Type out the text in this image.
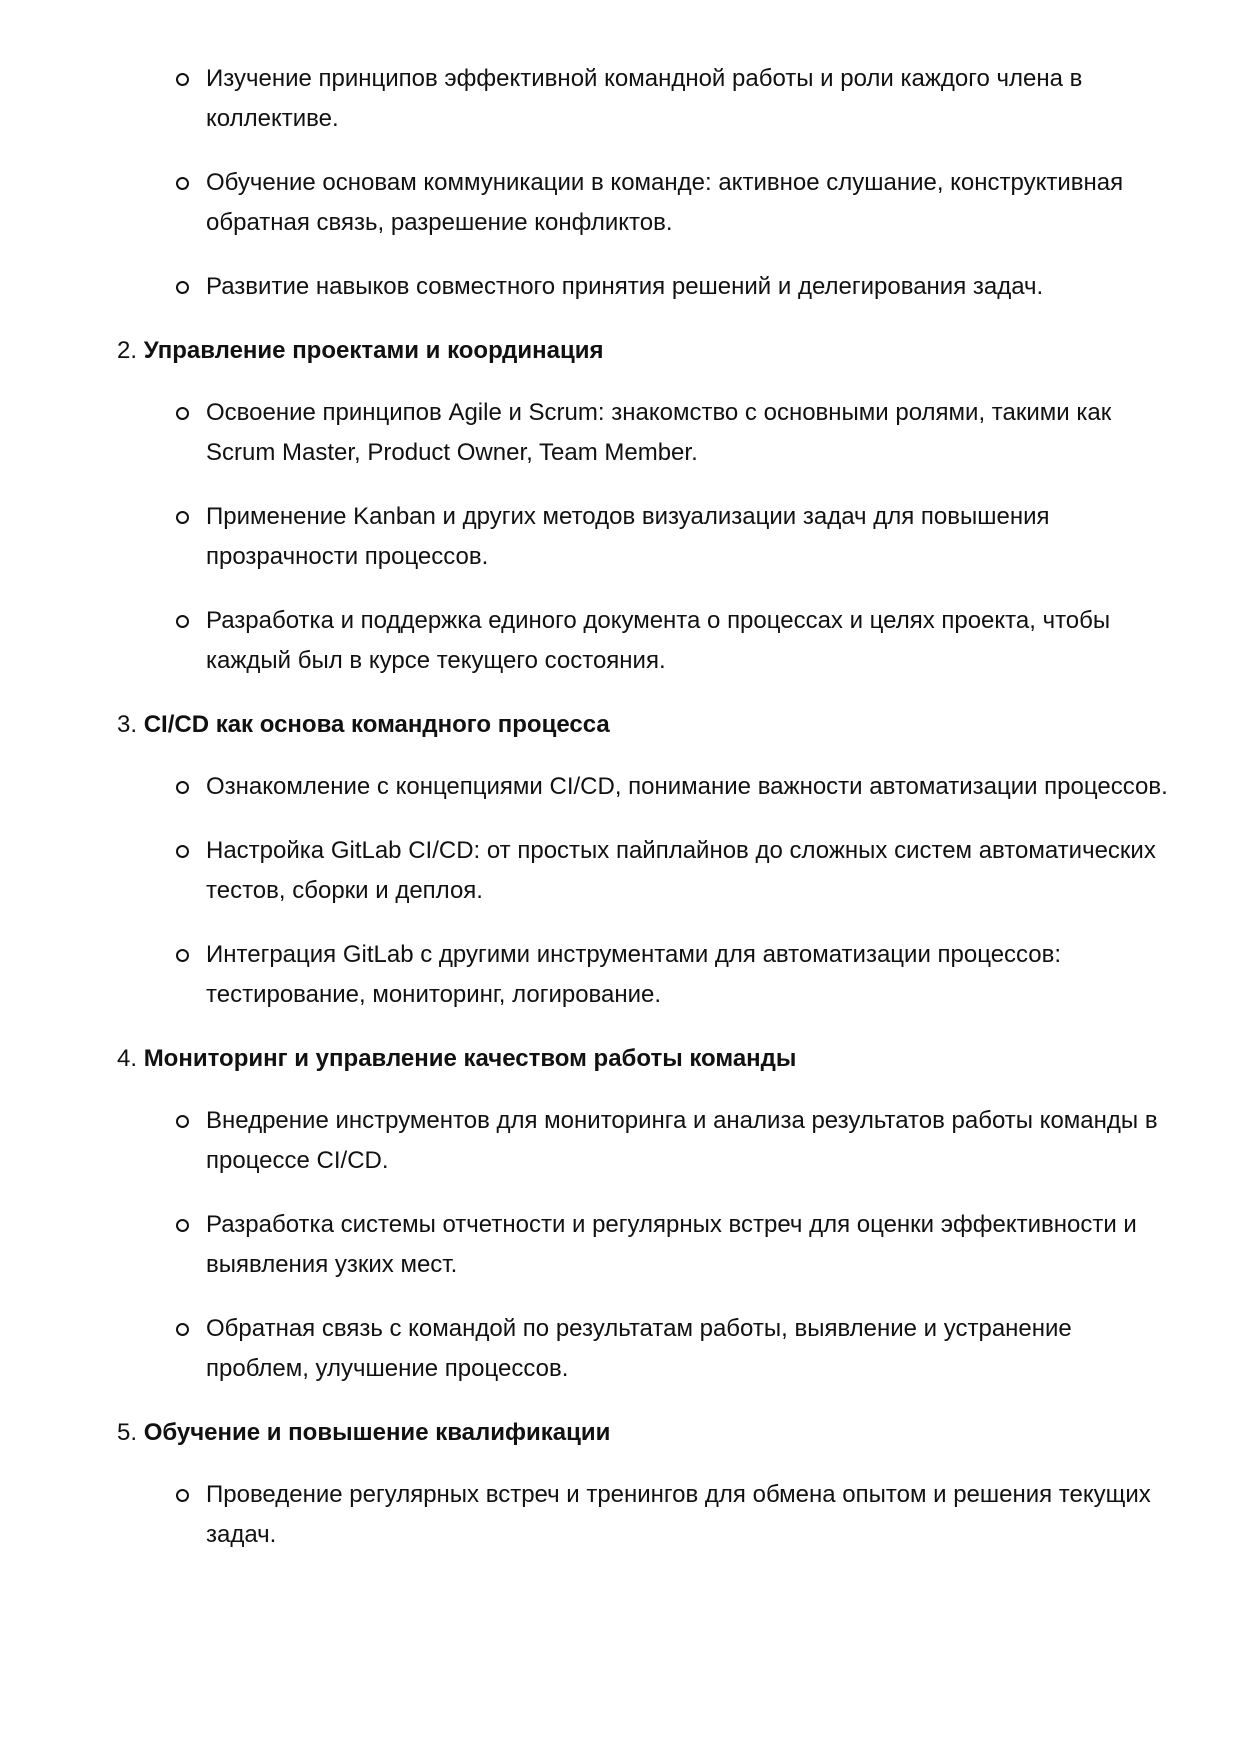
Изучение принципов эффективной командной работы и роли каждого члена в коллективе.
Обучение основам коммуникации в команде: активное слушание, конструктивная обратная связь, разрешение конфликтов.
Развитие навыков совместного принятия решений и делегирования задач.
2. Управление проектами и координация
Освоение принципов Agile и Scrum: знакомство с основными ролями, такими как Scrum Master, Product Owner, Team Member.
Применение Kanban и других методов визуализации задач для повышения прозрачности процессов.
Разработка и поддержка единого документа о процессах и целях проекта, чтобы каждый был в курсе текущего состояния.
3. CI/CD как основа командного процесса
Ознакомление с концепциями CI/CD, понимание важности автоматизации процессов.
Настройка GitLab CI/CD: от простых пайплайнов до сложных систем автоматических тестов, сборки и деплоя.
Интеграция GitLab с другими инструментами для автоматизации процессов: тестирование, мониторинг, логирование.
4. Мониторинг и управление качеством работы команды
Внедрение инструментов для мониторинга и анализа результатов работы команды в процессе CI/CD.
Разработка системы отчетности и регулярных встреч для оценки эффективности и выявления узких мест.
Обратная связь с командой по результатам работы, выявление и устранение проблем, улучшение процессов.
5. Обучение и повышение квалификации
Проведение регулярных встреч и тренингов для обмена опытом и решения текущих задач.
